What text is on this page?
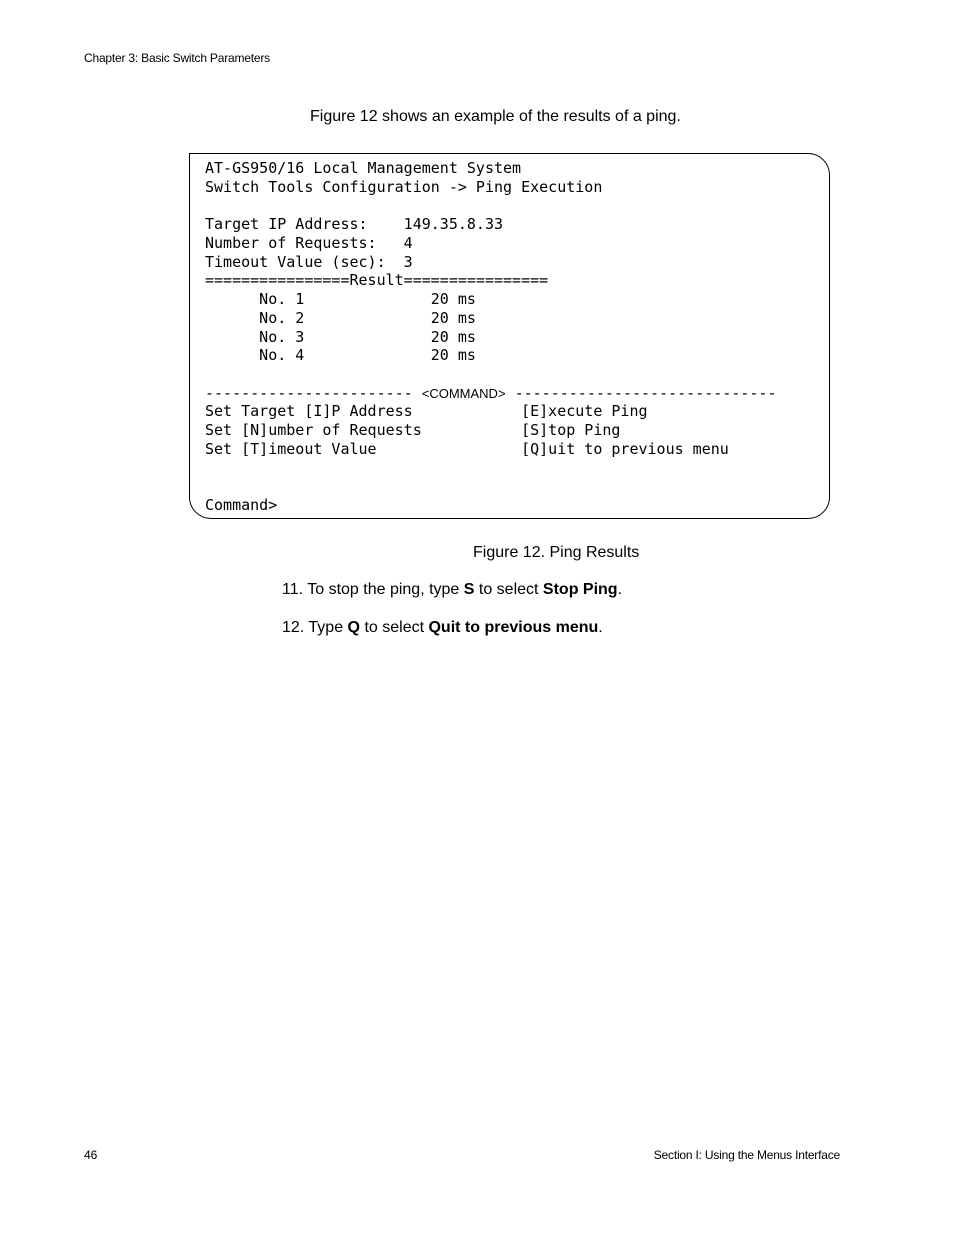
Chapter 3: Basic Switch Parameters
Figure 12 shows an example of the results of a ping.
AT-GS950/16 Local Management System
Switch Tools Configuration -> Ping Execution
Target IP Address:    149.35.8.33
Number of Requests:   4
Timeout Value (sec):  3
================Result================
No. 1              20 ms
No. 2              20 ms
No. 3              20 ms
No. 4              20 ms
----------------------- <COMMAND> -----------------------------
Set Target [I]P Address            [E]xecute Ping
Set [N]umber of Requests           [S]top Ping
Set [T]imeout Value                [Q]uit to previous menu
Command>
Figure 12. Ping Results
11. To stop the ping, type S to select Stop Ping.
12. Type Q to select Quit to previous menu.
46	Section I: Using the Menus Interface
